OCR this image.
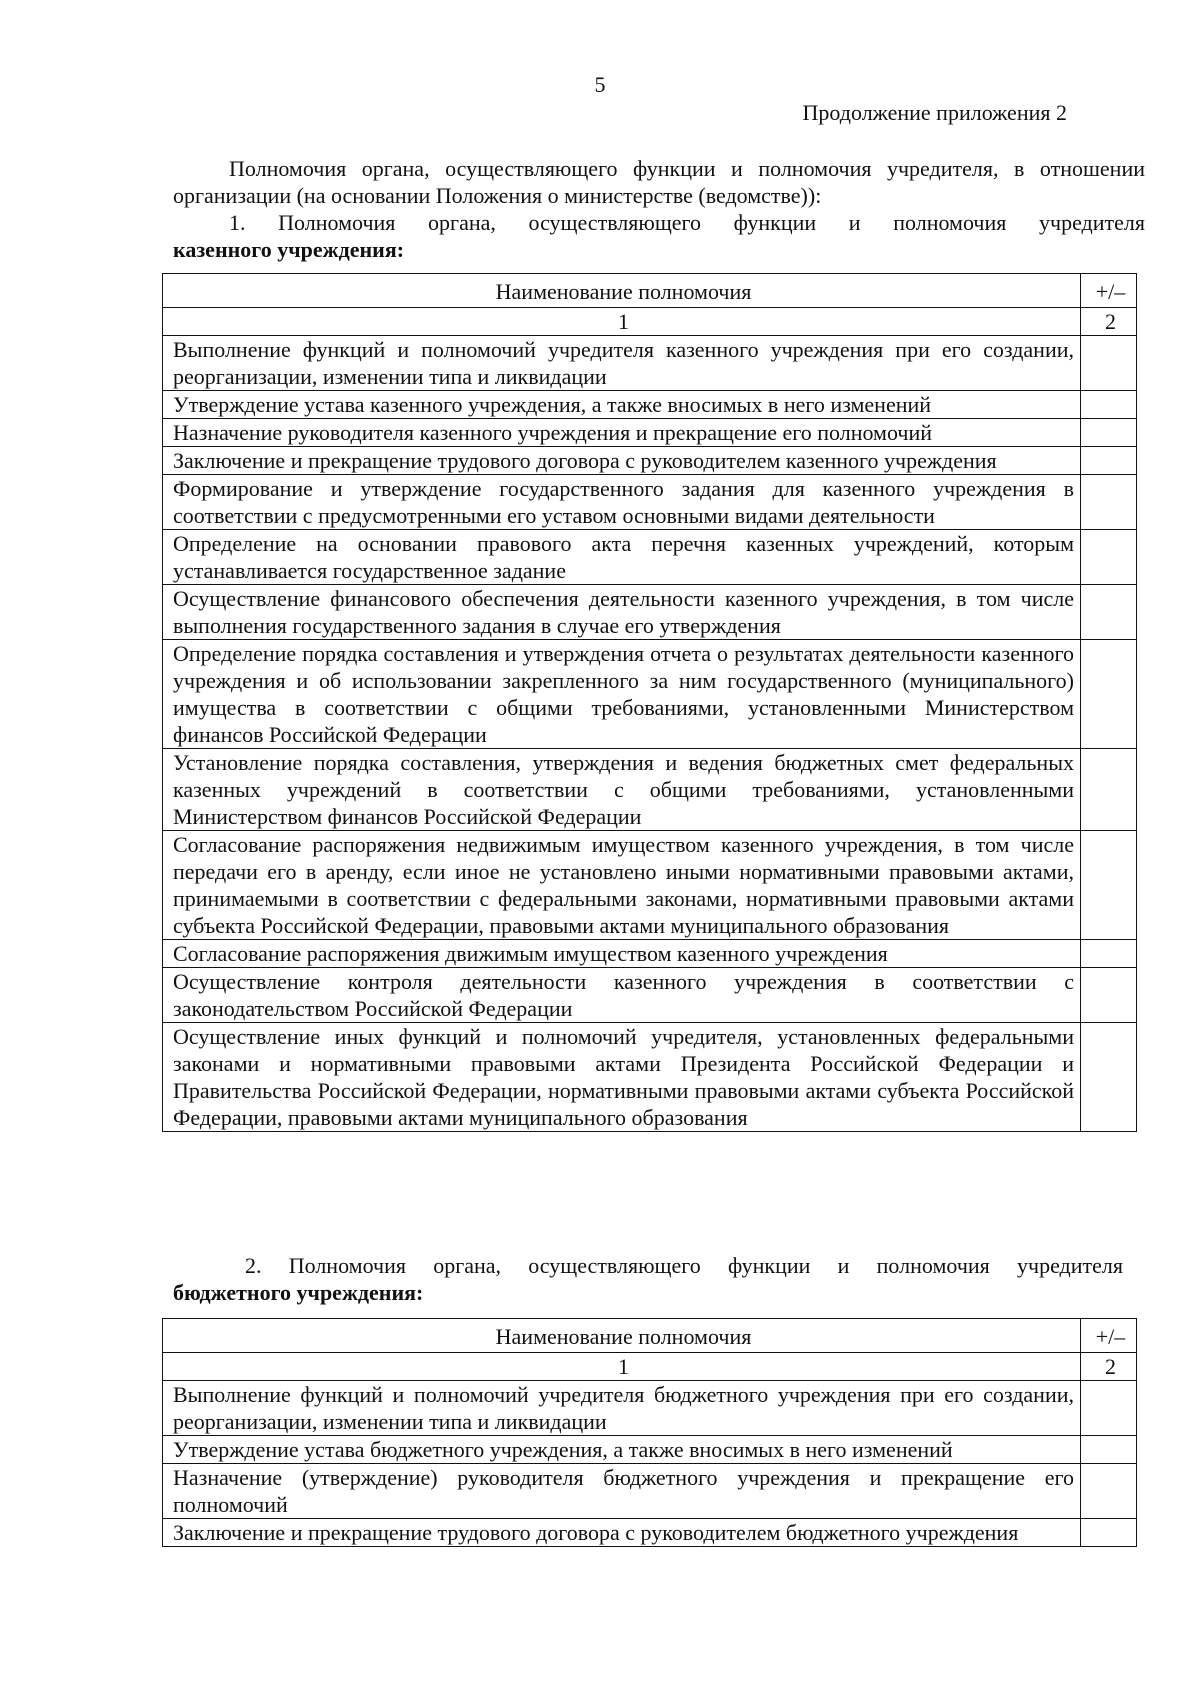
5
Продолжение приложения 2

Полномочия органа, осуществляющего функции и полномочия учредителя, в отношении организации (на основании Положения о министерстве (ведомстве)):

1. Полномочия органа, осуществляющего функции и полномочия учредителя

казенного учреждения:

Наименование полномочия	+/–
1	2
Выполнение функций и полномочий учредителя казенного учреждения при его создании, реорганизации, изменении типа и ликвидации	
Утверждение устава казенного учреждения, а также вносимых в него изменений	
Назначение руководителя казенного учреждения и прекращение его полномочий	
Заключение и прекращение трудового договора с руководителем казенного учреждения	
Формирование и утверждение государственного задания для казенного учреждения в соответствии с предусмотренными его уставом основными видами деятельности	
Определение на основании правового акта перечня казенных учреждений, которым устанавливается государственное задание	
Осуществление финансового обеспечения деятельности казенного учреждения, в том числе выполнения государственного задания в случае его утверждения	
Определение порядка составления и утверждения отчета о результатах деятельности казенного учреждения и об использовании закрепленного за ним государственного (муниципального) имущества в соответствии с общими требованиями, установленными Министерством финансов Российской Федерации	
Установление порядка составления, утверждения и ведения бюджетных смет федеральных казенных учреждений в соответствии с общими требованиями, установленными Министерством финансов Российской Федерации	
Согласование распоряжения недвижимым имуществом казенного учреждения, в том числе передачи его в аренду, если иное не установлено иными нормативными правовыми актами, принимаемыми в соответствии с федеральными законами, нормативными правовыми актами субъекта Российской Федерации, правовыми актами муниципального образования	
Согласование распоряжения движимым имуществом казенного учреждения	
Осуществление контроля деятельности казенного учреждения в соответствии с законодательством Российской Федерации	
Осуществление иных функций и полномочий учредителя, установленных федеральными законами и нормативными правовыми актами Президента Российской Федерации и Правительства Российской Федерации, нормативными правовыми актами субъекта Российской Федерации, правовыми актами муниципального образования	

2. Полномочия органа, осуществляющего функции и полномочия учредителя

бюджетного учреждения:

Наименование полномочия	+/–
1	2
Выполнение функций и полномочий учредителя бюджетного учреждения при его создании, реорганизации, изменении типа и ликвидации	
Утверждение устава бюджетного учреждения, а также вносимых в него изменений	
Назначение (утверждение) руководителя бюджетного учреждения и прекращение его полномочий	
Заключение и прекращение трудового договора с руководителем бюджетного учреждения	
